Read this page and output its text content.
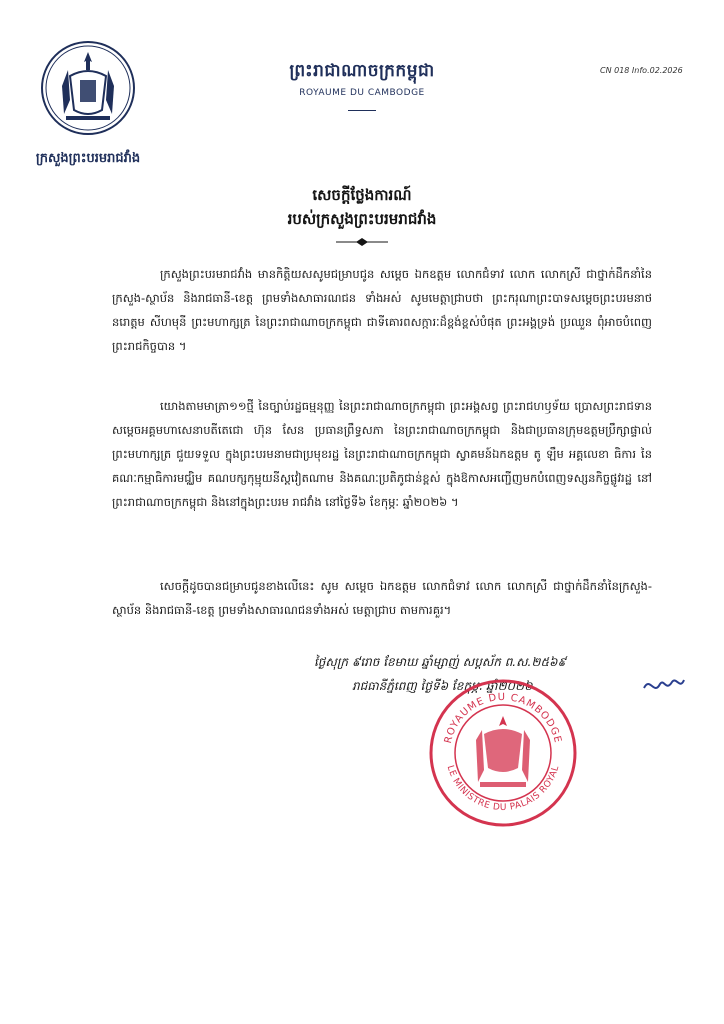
ក្រសួងព្រះបរមរាជវាំង
ព្រះរាជាណាចក្រកម្ពុជា
ROYAUME DU CAMBODGE
CN 018 Info.02.2026
សេចក្តីថ្លែងការណ៍
របស់ក្រសួងព្រះបរមរាជវាំង
ក្រសួងព្រះបរមរាជវាំង មានកិត្តិយសសូមជម្រាបជូន សម្តេច ឯកឧត្តម លោកជំទាវ លោក លោកស្រី ជាថ្នាក់ដឹកនាំនៃក្រសួង-ស្ថាប័ន និងរាជធានី-ខេត្ត ព្រមទាំងសាធារណជន ទាំងអស់ សូមមេត្តាជ្រាបថា ព្រះករុណាព្រះបាទសម្តេចព្រះបរមនាថ នរោត្តម សីហមុនី ព្រះមហាក្សត្រ នៃព្រះរាជាណាចក្រកម្ពុជា ជាទីគោរពសក្ការៈដ៏ខ្ពង់ខ្ពស់បំផុត ព្រះអង្គទ្រង់ ប្រឈួន ពុំអាចបំពេញព្រះរាជកិច្ចបាន ។
យោងតាមមាត្រា១១ថ្មី នៃច្បាប់រដ្ឋធម្មនុញ្ញ នៃព្រះរាជាណាចក្រកម្ពុជា ព្រះអង្គសព្វ ព្រះរាជហឫទ័យ ប្រោសព្រះរាជទាន សម្តេចអគ្គមហាសេនាបតីតេជោ ហ៊ុន សែន ប្រធានព្រឹទ្ធសភា នៃព្រះរាជាណាចក្រកម្ពុជា និងជាប្រធានក្រុមឧត្តមប្រឹក្សាផ្ទាល់ ព្រះមហាក្សត្រ ជួយទទួល ក្នុងព្រះបរមនាមជាប្រមុខរដ្ឋ នៃព្រះរាជាណាចក្រកម្ពុជា ស្វាគមន៍ឯកឧត្តម តូ ឡឹម អគ្គលេខា ធិការ នៃគណៈកម្មាធិការមជ្ឈិម គណបក្សកុម្មុយនីស្តវៀតណាម និងគណៈប្រតិភូជាន់ខ្ពស់ ក្នុងឱកាសអញ្ជើញមកបំពេញទស្សនកិច្ចផ្លូវរដ្ឋ នៅព្រះរាជាណាចក្រកម្ពុជា និងនៅក្នុងព្រះបរម រាជវាំង នៅថ្ងៃទី៦ ខែកុម្ភៈ ឆ្នាំ២០២៦ ។
សេចក្តីដូចបានជម្រាបជូនខាងលើនេះ សូម សម្តេច ឯកឧត្តម លោកជំទាវ លោក លោកស្រី ជាថ្នាក់ដឹកនាំនៃក្រសួង-ស្ថាប័ន និងរាជធានី-ខេត្ត ព្រមទាំងសាធារណជនទាំងអស់ មេត្តាជ្រាប តាមការគួរ។
ថ្ងៃសុក្រ ៩រោច ខែមាឃ ឆ្នាំម្សាញ់ សប្តស័ក ព.ស.២៥៦៩
រាជធានីភ្នំពេញ ថ្ងៃទី៦ ខែកុម្ភៈ ឆ្នាំ២០២៦
ROYAUME DU CAMBODGE
LE MINISTRE DU PALAIS ROYAL
